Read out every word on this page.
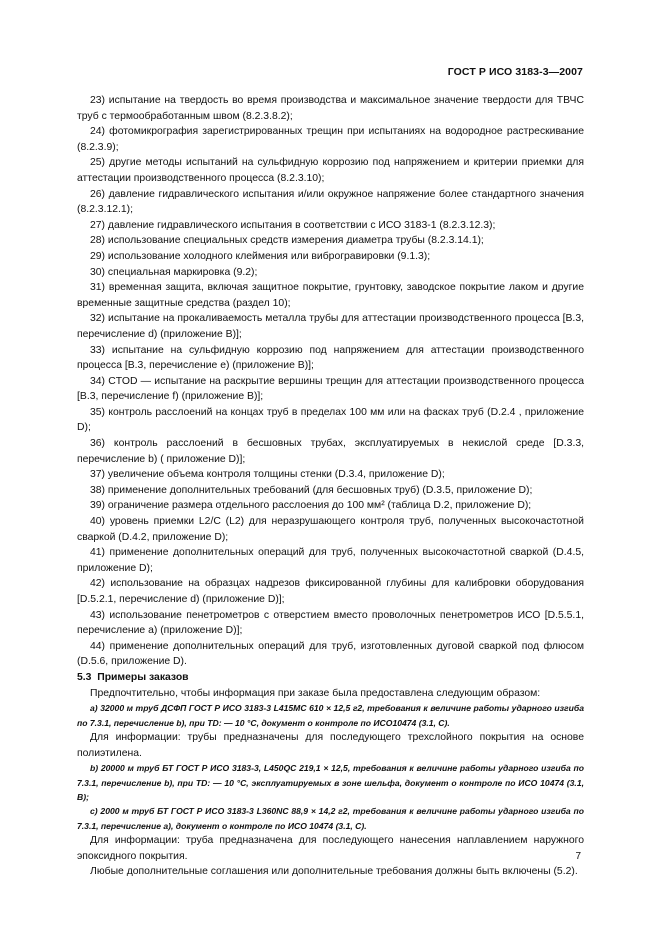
ГОСТ Р ИСО 3183-3—2007

23) испытание на твердость во время производства и максимальное значение твердости для ТВЧС труб с термообработанным швом (8.2.3.8.2);

24) фотомикрография зарегистрированных трещин при испытаниях на водородное растрескивание (8.2.3.9);

25) другие методы испытаний на сульфидную коррозию под напряжением и критерии приемки для аттестации производственного процесса (8.2.3.10);

26) давление гидравлического испытания и/или окружное напряжение более стандартного значения (8.2.3.12.1);

27) давление гидравлического испытания в соответствии с ИСО 3183-1 (8.2.3.12.3);

28) использование специальных средств измерения диаметра трубы (8.2.3.14.1);

29) использование холодного клеймения или виброгравировки (9.1.3);

30) специальная маркировка (9.2);

31) временная защита, включая защитное покрытие, грунтовку, заводское покрытие лаком и другие временные защитные средства (раздел 10);

32) испытание на прокаливаемость металла трубы для аттестации производственного процесса [B.3, перечисление d) (приложение B)];

33) испытание на сульфидную коррозию под напряжением для аттестации производственного процесса [B.3, перечисление е) (приложение B)];

34) CTOD — испытание на раскрытие вершины трещин для аттестации производственного процесса [B.3, перечисление f) (приложение B)];

35) контроль расслоений на концах труб в пределах 100 мм или на фасках труб (D.2.4 , приложение D);

36) контроль расслоений в бесшовных трубах, эксплуатируемых в некислой среде [D.3.3, перечисление b) ( приложение D)];

37) увеличение объема контроля толщины стенки (D.3.4, приложение D);

38) применение дополнительных требований (для бесшовных труб) (D.3.5, приложение D);

39) ограничение размера отдельного расслоения до 100 мм² (таблица D.2, приложение D);

40) уровень приемки L2/C (L2) для неразрушающего контроля труб, полученных высокочастотной сваркой (D.4.2, приложение D);

41) применение дополнительных операций для труб, полученных высокочастотной сваркой (D.4.5, приложение D);

42) использование на образцах надрезов фиксированной глубины для калибровки оборудования [D.5.2.1, перечисление d) (приложение D)];

43) использование пенетрометров с отверстием вместо проволочных пенетрометров ИСО [D.5.5.1, перечисление а) (приложение D)];

44) применение дополнительных операций для труб, изготовленных дуговой сваркой под флюсом (D.5.6, приложение D).

5.3 Примеры заказов

Предпочтительно, чтобы информация при заказе была предоставлена следующим образом:

а) 32000 м труб ДСФП ГОСТ Р ИСО 3183-3 L415MC 610 × 12,5 г2, требования к величине работы ударного изгиба по 7.3.1, перечисление b), при TD: — 10 °С, документ о контроле по ИСО10474 (3.1, С).

Для информации: трубы предназначены для последующего трехслойного покрытия на основе полиэтилена.

b) 20000 м труб БТ ГОСТ Р ИСО 3183-3, L450QC 219,1 × 12,5, требования к величине работы ударного изгиба по 7.3.1, перечисление b), при TD: — 10 °С, эксплуатируемых в зоне шельфа, документ о контроле по ИСО 10474 (3.1, В);

с) 2000 м труб БТ ГОСТ Р ИСО 3183-3 L360NC 88,9 × 14,2 г2, требования к величине работы ударного изгиба по 7.3.1, перечисление а), документ о контроле по ИСО 10474 (3.1, С).

Для информации: труба предназначена для последующего нанесения наплавлением наружного эпоксидного покрытия.

Любые дополнительные соглашения или дополнительные требования должны быть включены (5.2).

7
